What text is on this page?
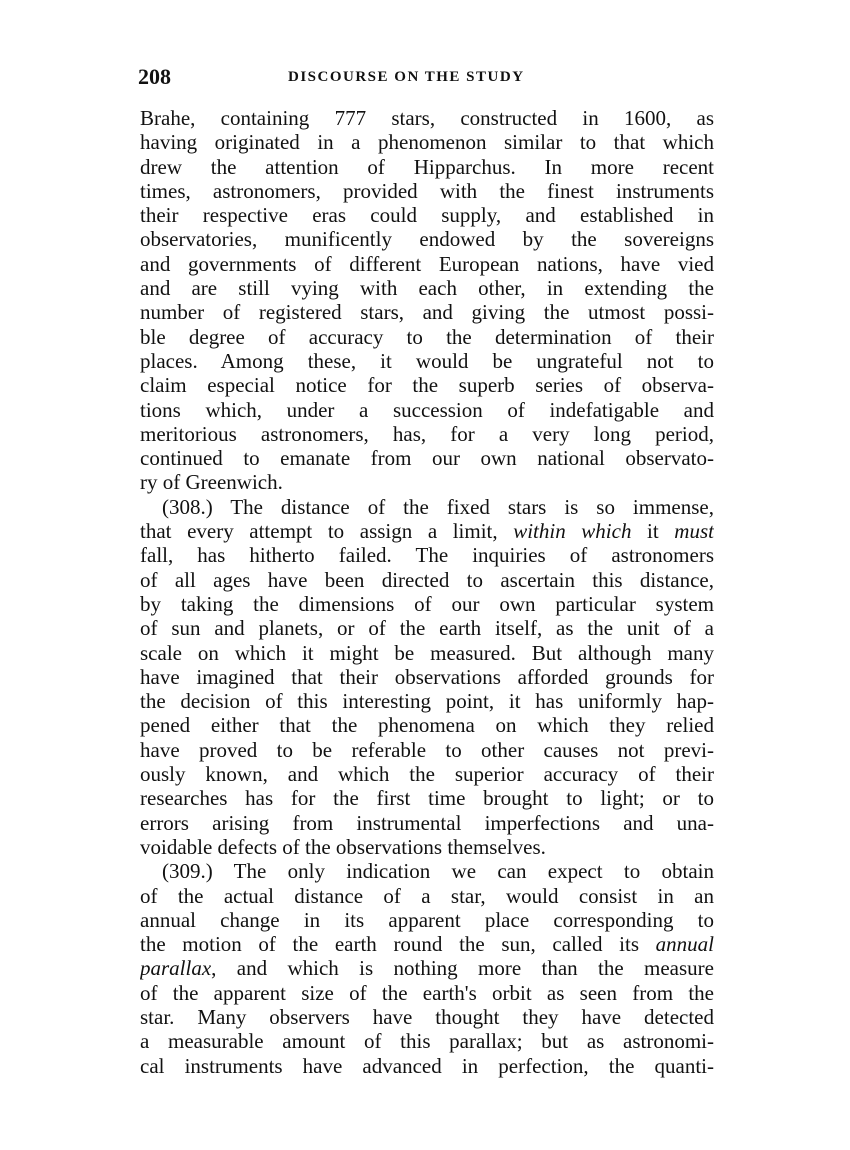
208	DISCOURSE ON THE STUDY
Brahe, containing 777 stars, constructed in 1600, as
having originated in a phenomenon similar to that which
drew the attention of Hipparchus. In more recent
times, astronomers, provided with the finest instruments
their respective eras could supply, and established in
observatories, munificently endowed by the sovereigns
and governments of different European nations, have vied
and are still vying with each other, in extending the
number of registered stars, and giving the utmost possi-
ble degree of accuracy to the determination of their
places. Among these, it would be ungrateful not to
claim especial notice for the superb series of observa-
tions which, under a succession of indefatigable and
meritorious astronomers, has, for a very long period,
continued to emanate from our own national observato-
ry of Greenwich.
(308.) The distance of the fixed stars is so immense,
that every attempt to assign a limit, within which it must
fall, has hitherto failed. The inquiries of astronomers
of all ages have been directed to ascertain this distance,
by taking the dimensions of our own particular system
of sun and planets, or of the earth itself, as the unit of a
scale on which it might be measured. But although many
have imagined that their observations afforded grounds for
the decision of this interesting point, it has uniformly hap-
pened either that the phenomena on which they relied
have proved to be referable to other causes not previ-
ously known, and which the superior accuracy of their
researches has for the first time brought to light; or to
errors arising from instrumental imperfections and una-
voidable defects of the observations themselves.
(309.) The only indication we can expect to obtain
of the actual distance of a star, would consist in an
annual change in its apparent place corresponding to
the motion of the earth round the sun, called its annual
parallax, and which is nothing more than the measure
of the apparent size of the earth's orbit as seen from the
star. Many observers have thought they have detected
a measurable amount of this parallax; but as astronomi-
cal instruments have advanced in perfection, the quanti-
